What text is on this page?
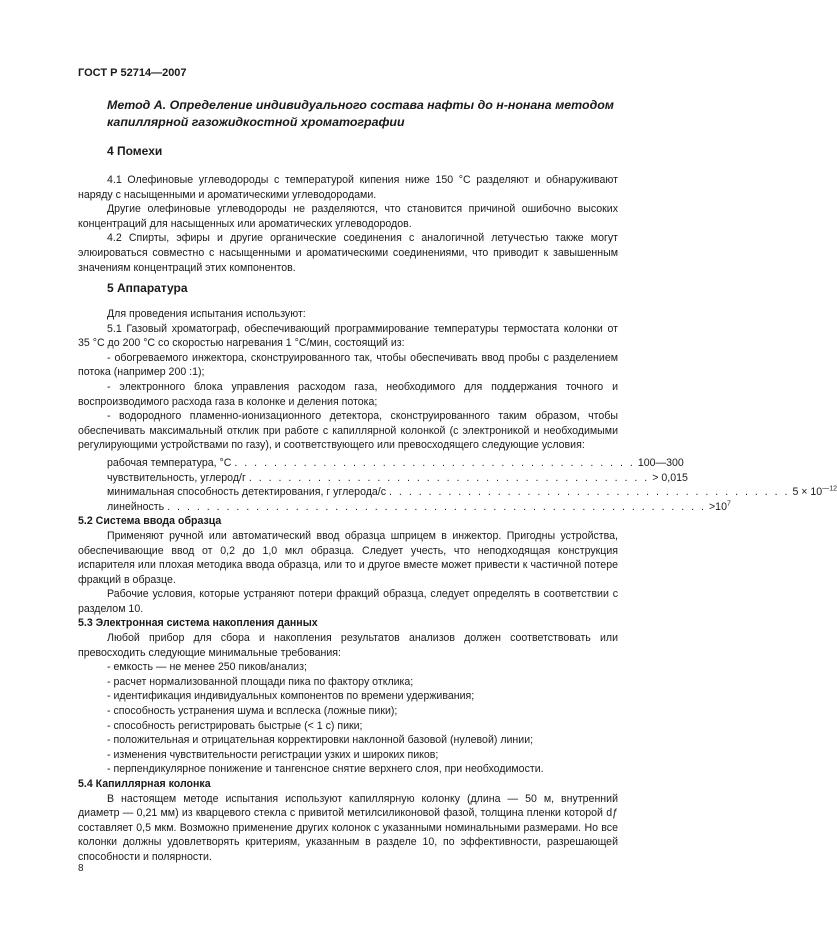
ГОСТ Р 52714—2007
Метод А. Определение индивидуального состава нафты до н-нонана методом капиллярной газожидкостной хроматографии
4 Помехи

4.1 Олефиновые углеводороды с температурой кипения ниже 150 °С разделяют и обнаруживают наряду с насыщенными и ароматическими углеводородами.

Другие олефиновые углеводороды не разделяются, что становится причиной ошибочно высоких концентраций для насыщенных или ароматических углеводородов.

4.2 Спирты, эфиры и другие органические соединения с аналогичной летучестью также могут элюироваться совместно с насыщенными и ароматическими соединениями, что приводит к завышенным значениям концентраций этих компонентов.

5 Аппаратура

Для проведения испытания используют:

5.1 Газовый хроматограф, обеспечивающий программирование температуры термостата колонки от 35 °С до 200 °С со скоростью нагревания 1 °С/мин, состоящий из:

- обогреваемого инжектора, сконструированного так, чтобы обеспечивать ввод пробы с разделением потока (например 200 :1);

- электронного блока управления расходом газа, необходимого для поддержания точного и воспроизводимого расхода газа в колонке и деления потока;

- водородного пламенно-ионизационного детектора, сконструированного таким образом, чтобы обеспечивать максимальный отклик при работе с капиллярной колонкой (с электроникой и необходимыми регулирующими устройствами по газу), и соответствующего или превосходящего следующие условия:

рабочая температура, °С . . . . . . . . . . . . . . . . . . . . . . . . . . . . . . . . . . . . . . . . . 100—300
чувствительность, углерод/г . . . . . . . . . . . . . . . . . . . . . . . . . . . . . . . . . . . . . . . . . > 0,015
минимальная способность детектирования, г углерода/с . . . . . . . . . . . . . . . . . . . . . . . . . . . . . . . . . . . . . . . . . $5 \times 10^{—12}$
линейность . . . . . . . . . . . . . . . . . . . . . . . . . . . . . . . . . . . . . . . . . . . . . . . . . . . . . . . $>10^7$

5.2 Система ввода образца

Применяют ручной или автоматический ввод образца шприцем в инжектор. Пригодны устройства, обеспечивающие ввод от 0,2 до 1,0 мкл образца. Следует учесть, что неподходящая конструкция испарителя или плохая методика ввода образца, или то и другое вместе может привести к частичной потере фракций в образце.

Рабочие условия, которые устраняют потери фракций образца, следует определять в соответствии с разделом 10.

5.3 Электронная система накопления данных

Любой прибор для сбора и накопления результатов анализов должен соответствовать или превосходить следующие минимальные требования:

- емкость — не менее 250 пиков/анализ;

- расчет нормализованной площади пика по фактору отклика;

- идентификация индивидуальных компонентов по времени удерживания;

- способность устранения шума и всплеска (ложные пики);

- способность регистрировать быстрые (< 1 с) пики;

- положительная и отрицательная корректировки наклонной базовой (нулевой) линии;

- изменения чувствительности регистрации узких и широких пиков;

- перпендикулярное понижение и тангенсное снятие верхнего слоя, при необходимости.

5.4 Капиллярная колонка

В настоящем методе испытания используют капиллярную колонку (длина — 50 м, внутренний диаметр — 0,21 мм) из кварцевого стекла с привитой метилсиликоновой фазой, толщина пленки которой dƒ составляет 0,5 мкм. Возможно применение других колонок с указанными номинальными размерами. Но все колонки должны удовлетворять критериям, указанным в разделе 10, по эффективности, разрешающей способности и полярности.

8
